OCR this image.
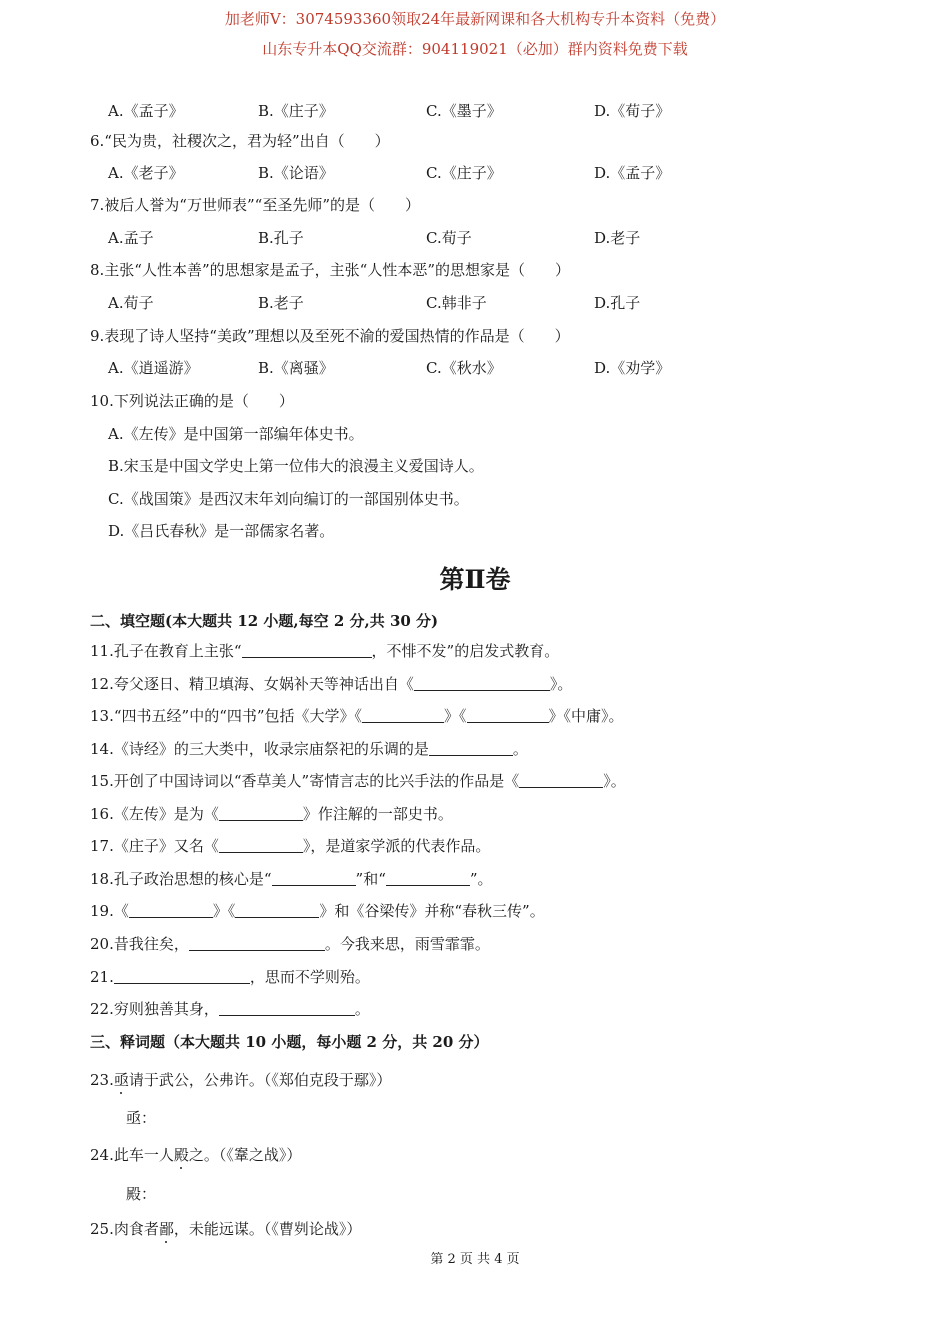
加老师V：3074593360领取24年最新网课和各大机构专升本资料（免费）
山东专升本QQ交流群：904119021（必加）群内资料免费下载
A.《孟子》	B.《庄子》	C.《墨子》	D.《荀子》
6.“民为贵，社稷次之，君为轻”出自（　　）
A.《老子》	B.《论语》	C.《庄子》	D.《孟子》
7.被后人誉为“万世师表”“至圣先师”的是（　　）
A.孟子	B.孔子	C.荀子	D.老子
8.主张“人性本善”的思想家是孟子，主张“人性本恶”的思想家是（　　）
A.荀子	B.老子	C.韩非子	D.孔子
9.表现了诗人坚持“美政”理想以及至死不渝的爱国热情的作品是（　　）
A.《逍遥游》	B.《离骚》	C.《秋水》	D.《劝学》
10.下列说法正确的是（　　）
A.《左传》是中国第一部编年体史书。
B.宋玉是中国文学史上第一位伟大的浪漫主义爱国诗人。
C.《战国策》是西汉末年刘向编订的一部国别体史书。
D.《吕氏春秋》是一部儒家名著。
第Ⅱ卷
二、填空题(本大题共 12 小题,每空 2 分,共 30 分)
11.孔子在教育上主张“	，不悱不发”的启发式教育。
12.夸父逐日、精卫填海、女娲补天等神话出自《	》。
13.“四书五经”中的“四书”包括《大学》《	》《	》《中庸》。
14.《诗经》的三大类中，收录宗庙祭祀的乐调的是	。
15.开创了中国诗词以“香草美人”寄情言志的比兴手法的作品是《	》。
16.《左传》是为《	》作注解的一部史书。
17.《庄子》又名《	》，是道家学派的代表作品。
18.孔子政治思想的核心是“	”和“	”。
19.《	》《	》和《谷梁传》并称“春秋三传”。
20.昔我往矣，	。今我来思，雨雪霏霏。
21.	，思而不学则殆。
22.穷则独善其身，	。
三、释词题（本大题共 10 小题，每小题 2 分，共 20 分）
23.亟请于武公，公弗许。（《郑伯克段于鄢》）
亟：
24.此车一人殿之。（《鞌之战》）
殿：
25.肉食者鄙，未能远谋。（《曹刿论战》）
第 2 页 共 4 页
